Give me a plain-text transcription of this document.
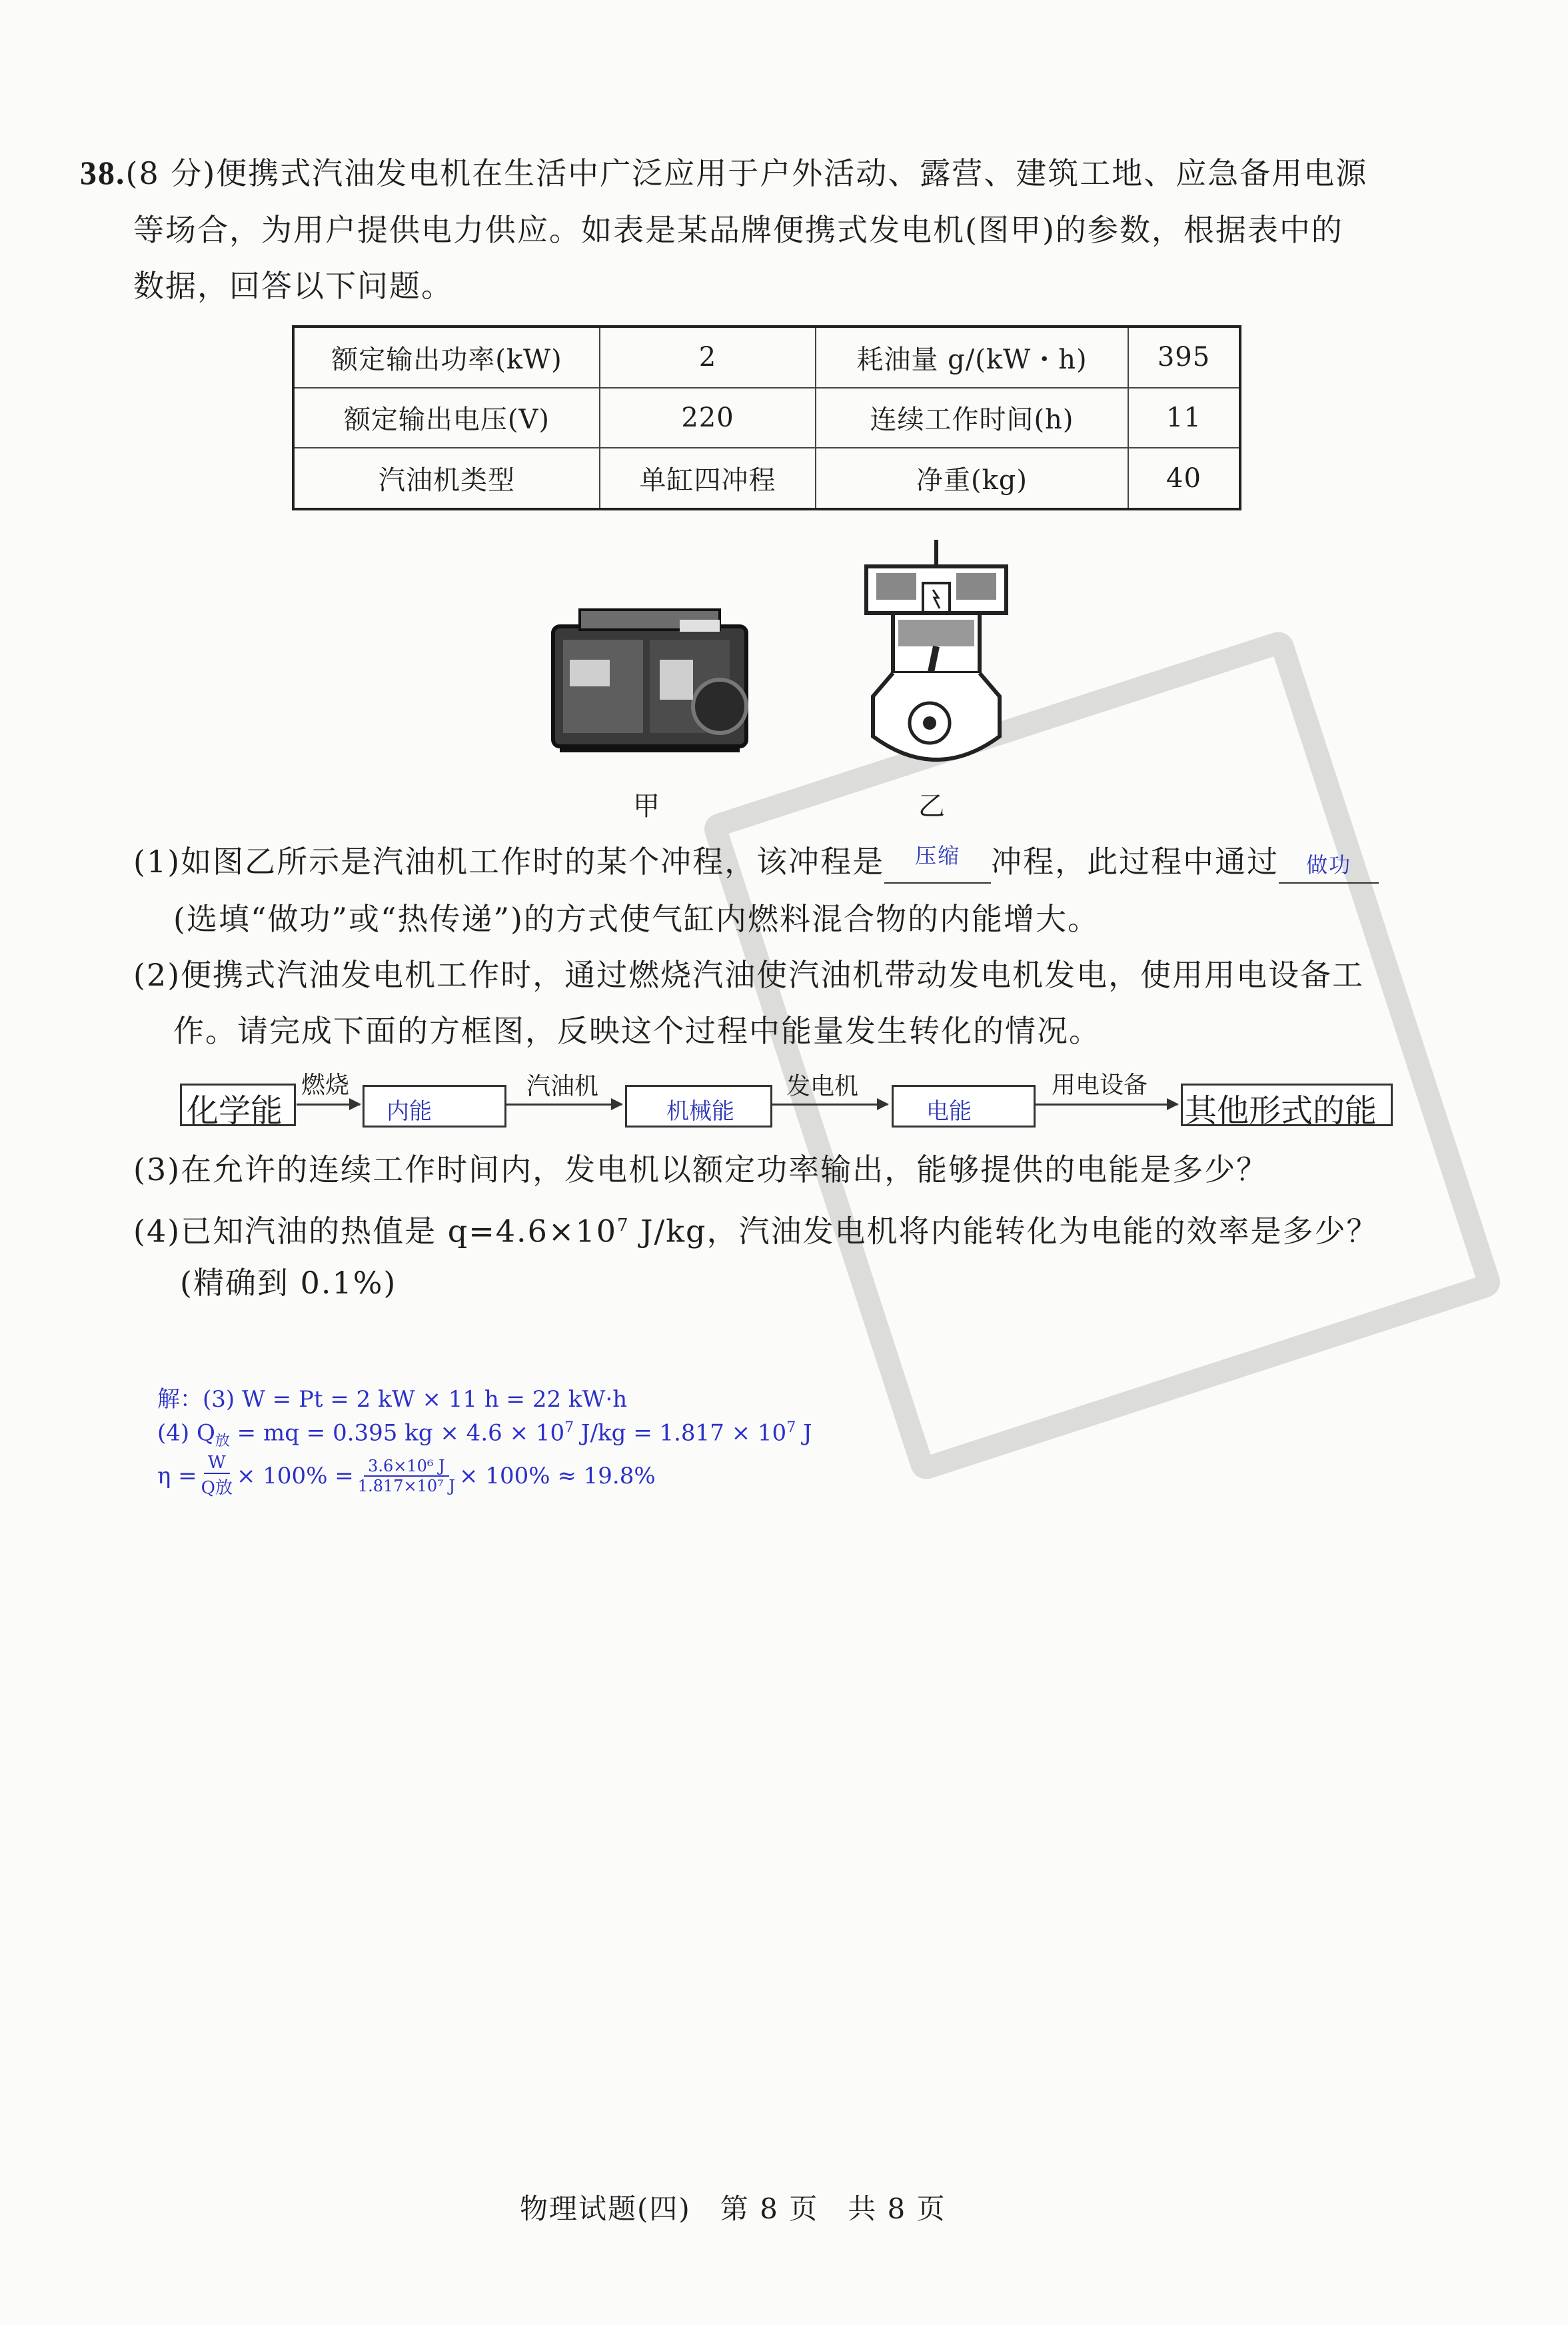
38.(8 分)便携式汽油发电机在生活中广泛应用于户外活动、露营、建筑工地、应急备用电源
等场合，为用户提供电力供应。如表是某品牌便携式发电机(图甲)的参数，根据表中的
数据，回答以下问题。
额定输出功率(kW)	2	耗油量 g/(kW・h)	395
额定输出电压(V)	220	连续工作时间(h)	11
汽油机类型	单缸四冲程	净重(kg)	40
甲	乙
(1)如图乙所示是汽油机工作时的某个冲程，该冲程是 $^{压缩}$ 冲程，此过程中通过 做功
(选填“做功”或“热传递”)的方式使气缸内燃料混合物的内能增大。
(2)便携式汽油发电机工作时，通过燃烧汽油使汽油机带动发电机发电，使用用电设备工
作。请完成下面的方框图，反映这个过程中能量发生转化的情况。
化学能
燃烧
内能
汽油机
机械能
发电机
电能
用电设备
其他形式的能
(3)在允许的连续工作时间内，发电机以额定功率输出，能够提供的电能是多少？
(4)已知汽油的热值是 $q=4.6\times 10^7$ J/kg，汽油发电机将内能转化为电能的效率是多少？
(精确到 0.1%)
解：(3) W = Pt = 2 kW × 11 h = 22 kW·h
(4) $Q_放$ = mq = 0.395 kg × $4.6 \times 10^7$ $J/kg = 1.817 \times 10^7$ J
η = W
Q放 × $100\% = \frac{\text{3.6×10⁶ J}}{\text{1.817×10⁷ J}} \times 100\% \approx 19.8\%$
物理试题(四)　第 8 页　共 8 页
